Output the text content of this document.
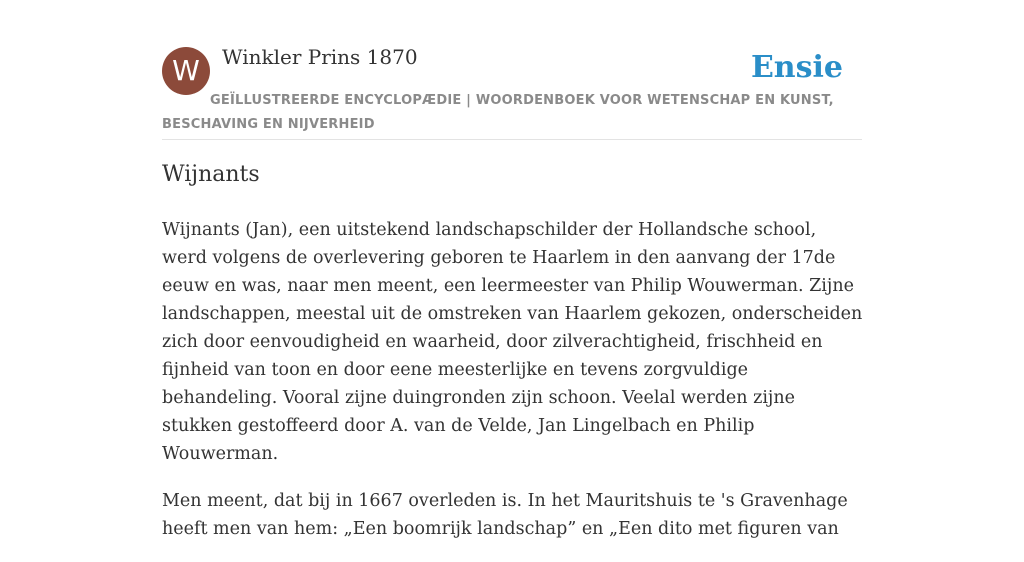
W	Winkler Prins 1870	Ensie
GEÏLLUSTREERDE ENCYCLOPÆDIE | WOORDENBOEK VOOR WETENSCHAP EN KUNST, BESCHAVING EN NIJVERHEID
Wijnants

Wijnants (Jan), een uitstekend landschapschilder der Hollandsche school, werd volgens de overlevering geboren te Haarlem in den aanvang der 17de eeuw en was, naar men meent, een leermeester van Philip Wouwerman. Zijne landschappen, meestal uit de omstreken van Haarlem gekozen, onderscheiden zich door eenvoudigheid en waarheid, door zilverachtigheid, frischheid en fijnheid van toon en door eene meesterlijke en tevens zorgvuldige behandeling. Vooral zijne duingronden zijn schoon. Veelal werden zijne stukken gestoffeerd door A. van de Velde, Jan Lingelbach en Philip Wouwerman.

Men meent, dat bij in 1667 overleden is. In het Mauritshuis te 's Gravenhage heeft men van hem: „Een boomrijk landschap” en „Een dito met figuren van
